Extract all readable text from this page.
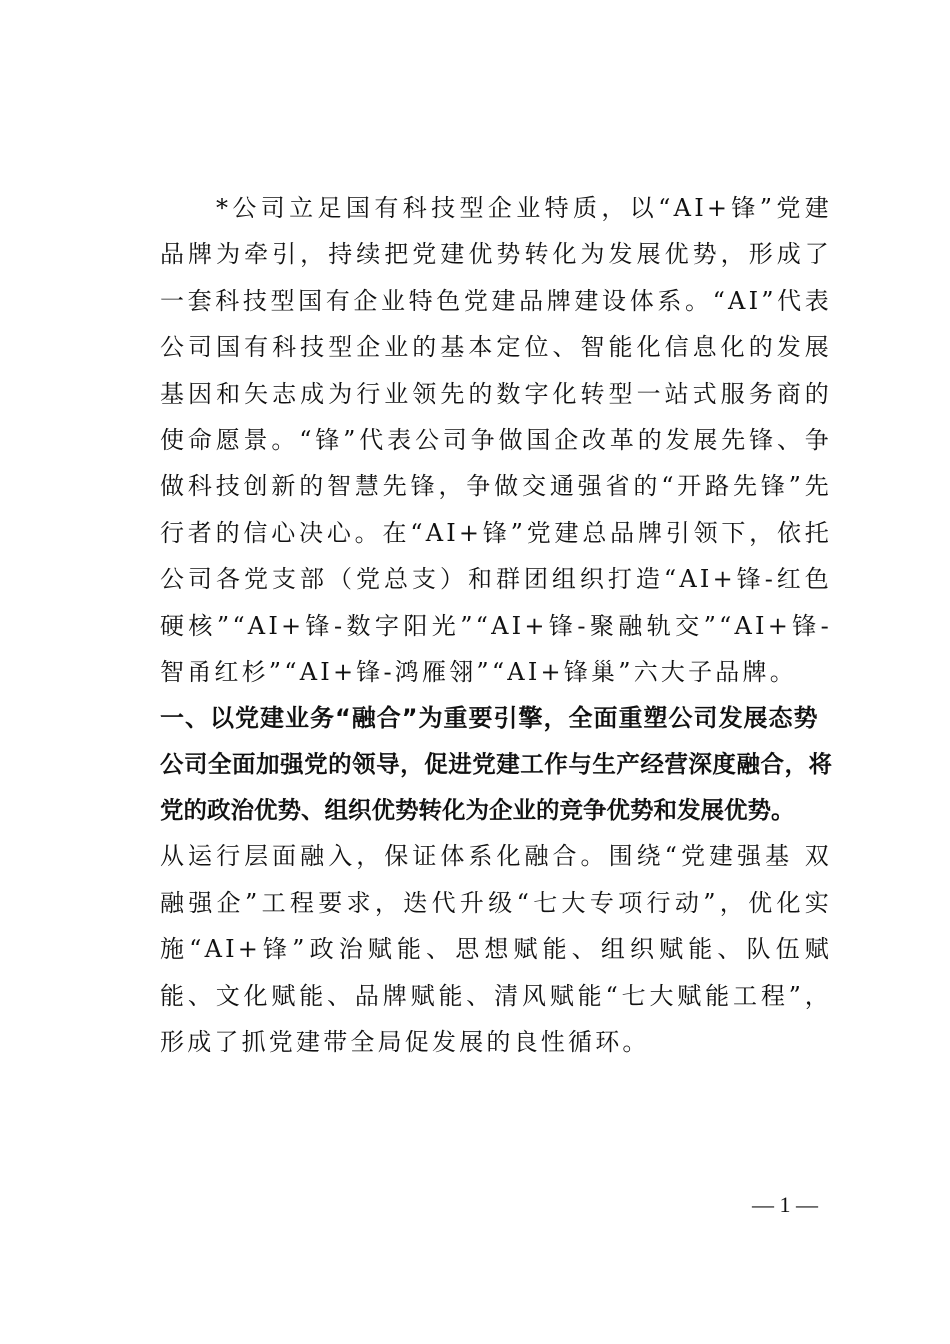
*公司立足国有科技型企业特质，以“AI+锋”党建品牌为牵引，持续把党建优势转化为发展优势，形成了一套科技型国有企业特色党建品牌建设体系。“AI”代表公司国有科技型企业的基本定位、智能化信息化的发展基因和矢志成为行业领先的数字化转型一站式服务商的使命愿景。“锋”代表公司争做国企改革的发展先锋、争做科技创新的智慧先锋，争做交通强省的“开路先锋”先行者的信心决心。在“AI+锋”党建总品牌引领下，依托公司各党支部（党总支）和群团组织打造“AI+锋-红色硬核”“AI+锋-数字阳光”“AI+锋-聚融轨交”“AI+锋-智甬红杉”“AI+锋-鸿雁翎”“AI+锋巢”六大子品牌。

一、以党建业务“融合”为重要引擎，全面重塑公司发展态势

公司全面加强党的领导，促进党建工作与生产经营深度融合，将党的政治优势、组织优势转化为企业的竞争优势和发展优势。

从运行层面融入，保证体系化融合。围绕“党建强基 双融强企”工程要求，迭代升级“七大专项行动”，优化实施“AI+锋”政治赋能、思想赋能、组织赋能、队伍赋能、文化赋能、品牌赋能、清风赋能“七大赋能工程”，形成了抓党建带全局促发展的良性循环。

— 1 —
